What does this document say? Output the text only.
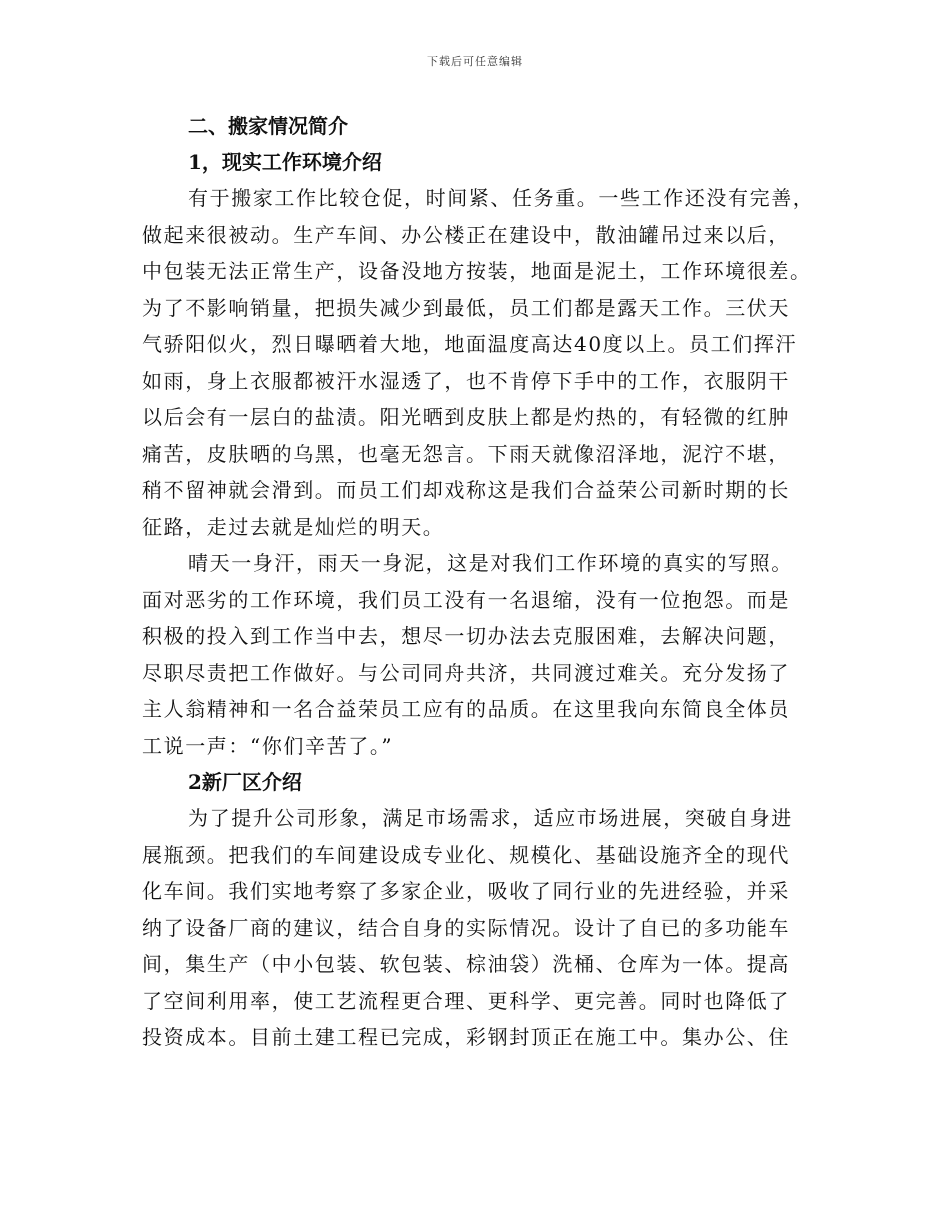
下载后可任意编辑

二、搬家情况简介

1，现实工作环境介绍

有于搬家工作比较仓促，时间紧、任务重。一些工作还没有完善，

做起来很被动。生产车间、办公楼正在建设中，散油罐吊过来以后，

中包装无法正常生产，设备没地方按装，地面是泥土，工作环境很差。

为了不影响销量，把损失减少到最低，员工们都是露天工作。三伏天

气骄阳似火，烈日曝晒着大地，地面温度高达40度以上。员工们挥汗

如雨，身上衣服都被汗水湿透了，也不肯停下手中的工作，衣服阴干

以后会有一层白的盐渍。阳光晒到皮肤上都是灼热的，有轻微的红肿

痛苦，皮肤晒的乌黑，也毫无怨言。下雨天就像沼泽地，泥泞不堪，

稍不留神就会滑到。而员工们却戏称这是我们合益荣公司新时期的长

征路，走过去就是灿烂的明天。

晴天一身汗，雨天一身泥，这是对我们工作环境的真实的写照。

面对恶劣的工作环境，我们员工没有一名退缩，没有一位抱怨。而是

积极的投入到工作当中去，想尽一切办法去克服困难，去解决问题，

尽职尽责把工作做好。与公司同舟共济，共同渡过难关。充分发扬了

主人翁精神和一名合益荣员工应有的品质。在这里我向东简良全体员

工说一声：“你们辛苦了。”

2新厂区介绍

为了提升公司形象，满足市场需求，适应市场进展，突破自身进

展瓶颈。把我们的车间建设成专业化、规模化、基础设施齐全的现代

化车间。我们实地考察了多家企业，吸收了同行业的先进经验，并采

纳了设备厂商的建议，结合自身的实际情况。设计了自已的多功能车

间，集生产（中小包装、软包装、棕油袋）洗桶、仓库为一体。提高

了空间利用率，使工艺流程更合理、更科学、更完善。同时也降低了

投资成本。目前土建工程已完成，彩钢封顶正在施工中。集办公、住
